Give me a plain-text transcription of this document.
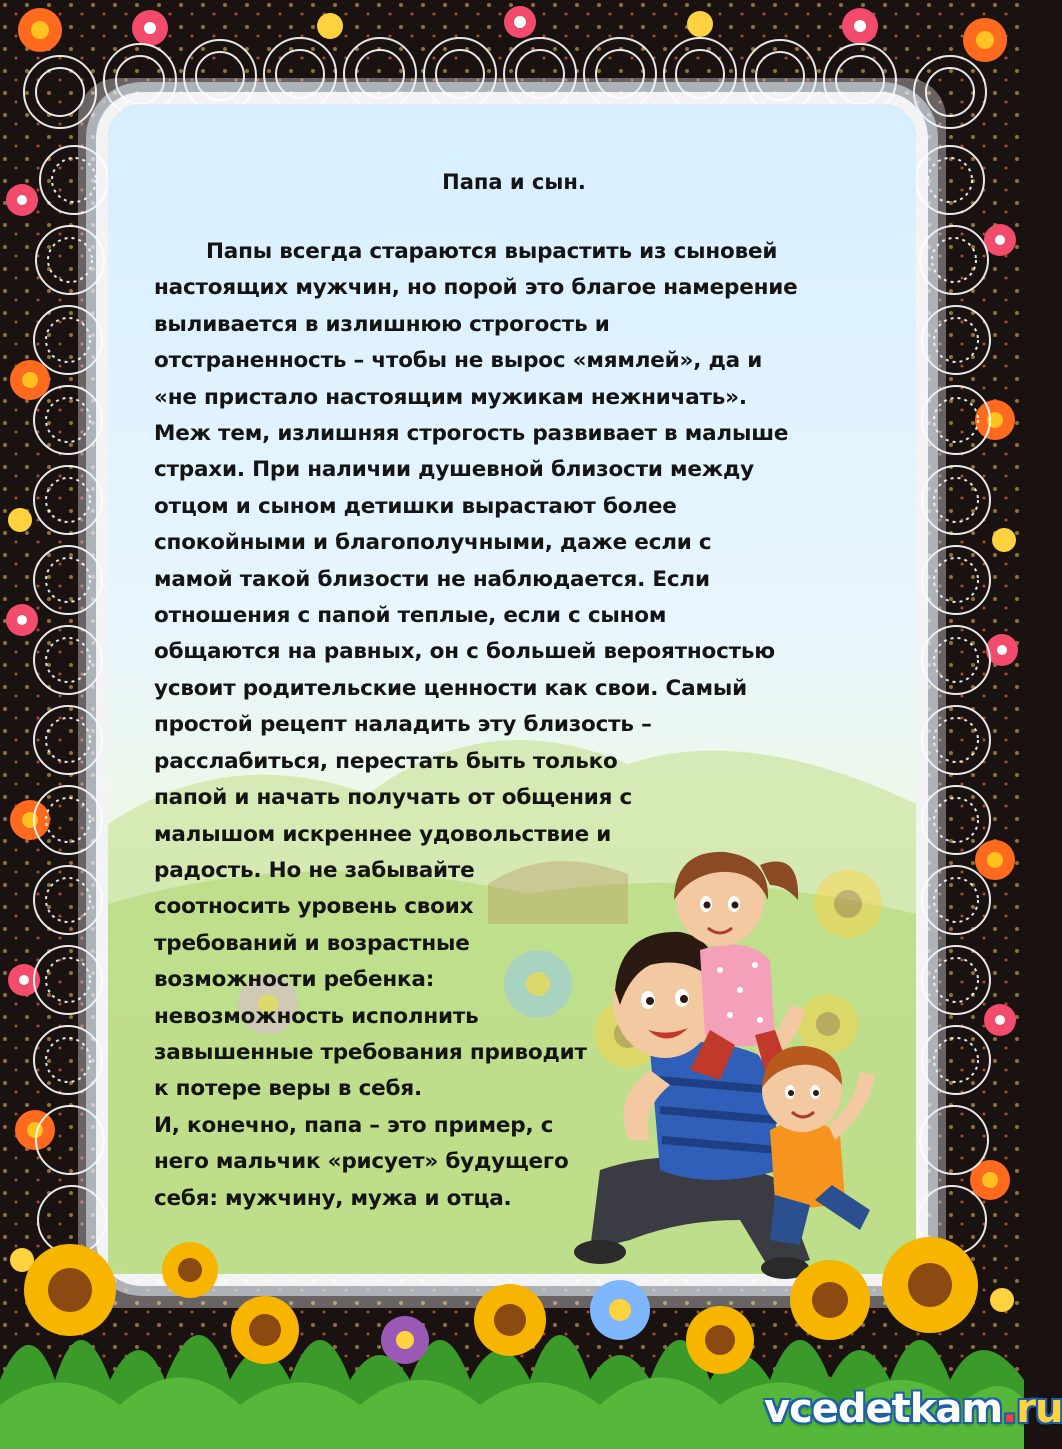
Папа и сын.
Папы всегда стараются вырастить из сыновей
настоящих мужчин, но порой это благое намерение
выливается в излишнюю строгость и
отстраненность – чтобы не вырос «мямлей», да и
«не пристало настоящим мужикам нежничать».
Меж тем, излишняя строгость развивает в малыше
страхи. При наличии душевной близости между
отцом и сыном детишки вырастают более
спокойными и благополучными, даже если с
мамой такой близости не наблюдается. Если
отношения с папой теплые, если с сыном
общаются на равных, он с большей вероятностью
усвоит родительские ценности как свои. Самый
простой рецепт наладить эту близость –
расслабиться, перестать быть только
папой и начать получать от общения с
малышом искреннее удовольствие и
радость. Но не забывайте
соотносить уровень своих
требований и возрастные
возможности ребенка:
невозможность исполнить
завышенные требования приводит
к потере веры в себя.
И, конечно, папа – это пример, с
него мальчик «рисует» будущего
себя: мужчину, мужа и отца.
vcedetkam.ru
